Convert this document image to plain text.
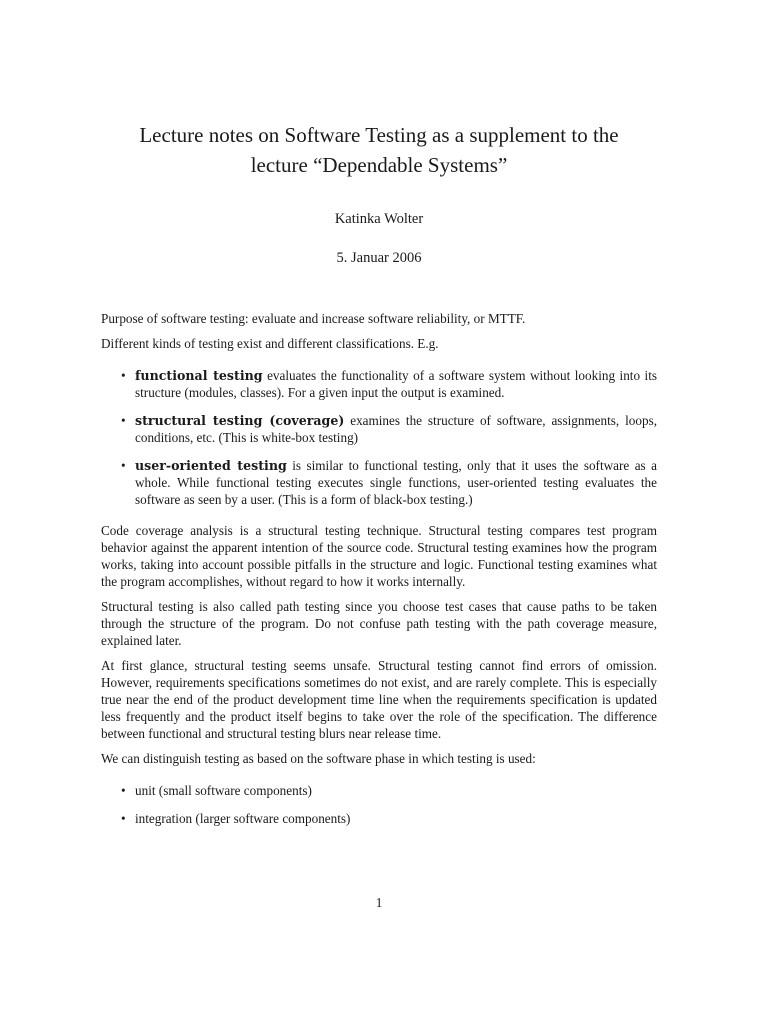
Lecture notes on Software Testing as a supplement to the
lecture “Dependable Systems”
Katinka Wolter
5. Januar 2006

Purpose of software testing: evaluate and increase software reliability, or MTTF.

Different kinds of testing exist and different classifications. E.g.

• functional testing evaluates the functionality of a software system without looking into its structure (modules, classes). For a given input the output is examined.
• structural testing (coverage) examines the structure of software, assignments, loops, conditions, etc. (This is white-box testing)
• user-oriented testing is similar to functional testing, only that it uses the software as a whole. While functional testing executes single functions, user-oriented testing evaluates the software as seen by a user. (This is a form of black-box testing.)

Code coverage analysis is a structural testing technique. Structural testing compares test program behavior against the apparent intention of the source code. Structural testing examines how the program works, taking into account possible pitfalls in the structure and logic. Functional testing examines what the program accomplishes, without regard to how it works internally.

Structural testing is also called path testing since you choose test cases that cause paths to be taken through the structure of the program. Do not confuse path testing with the path coverage measure, explained later.

At first glance, structural testing seems unsafe. Structural testing cannot find errors of omission. However, requirements specifications sometimes do not exist, and are rarely complete. This is especially true near the end of the product development time line when the requirements specification is updated less frequently and the product itself begins to take over the role of the specification. The difference between functional and structural testing blurs near release time.

We can distinguish testing as based on the software phase in which testing is used:

• unit (small software components)
• integration (larger software components)
1
